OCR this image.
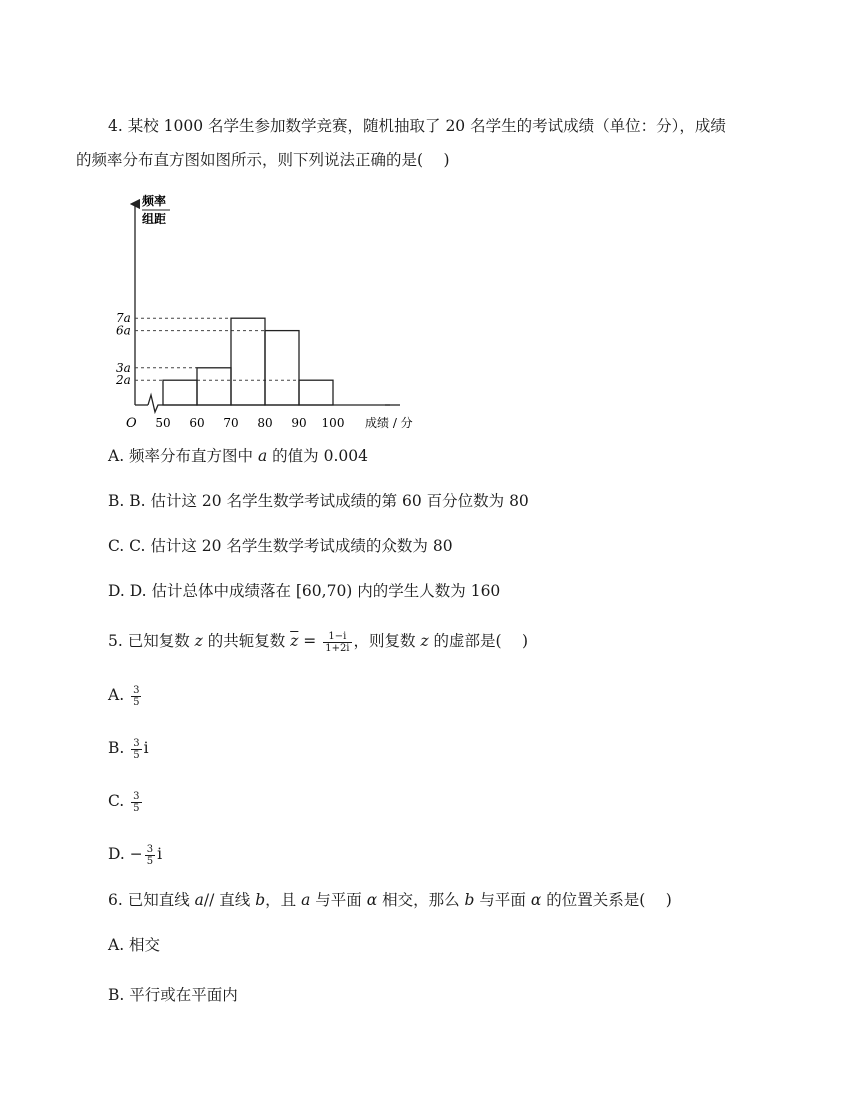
4. 某校 1000 名学生参加数学竞赛，随机抽取了 20 名学生的考试成绩（单位：分），成绩
的频率分布直方图如图所示，则下列说法正确的是(　 )
频率
组距
O	成绩 / 分
7a
6a
3a
2a
50 60 70 80 90 100
A. 频率分布直方图中 a 的值为 0.004
B. B. 估计这 20 名学生数学考试成绩的第 60 百分位数为 80
C. C. 估计这 20 名学生数学考试成绩的众数为 80
D. D. 估计总体中成绩落在 [60,70) 内的学生人数为 160
5. 已知复数 z 的共轭复数 $\overline{z} = \frac{1-i}{1+2i}$ ，则复数 z 的虚部是(　 )
A. $\frac{3}{5}$
B. $\frac{3}{5}$ i
C. $\frac{3}{5}$
D. − $\frac{3}{5}$ i
6. 已知直线 a// 直线 b，且 a 与平面 α 相交，那么 b 与平面 α 的位置关系是(　 )
A. 相交
B. 平行或在平面内
